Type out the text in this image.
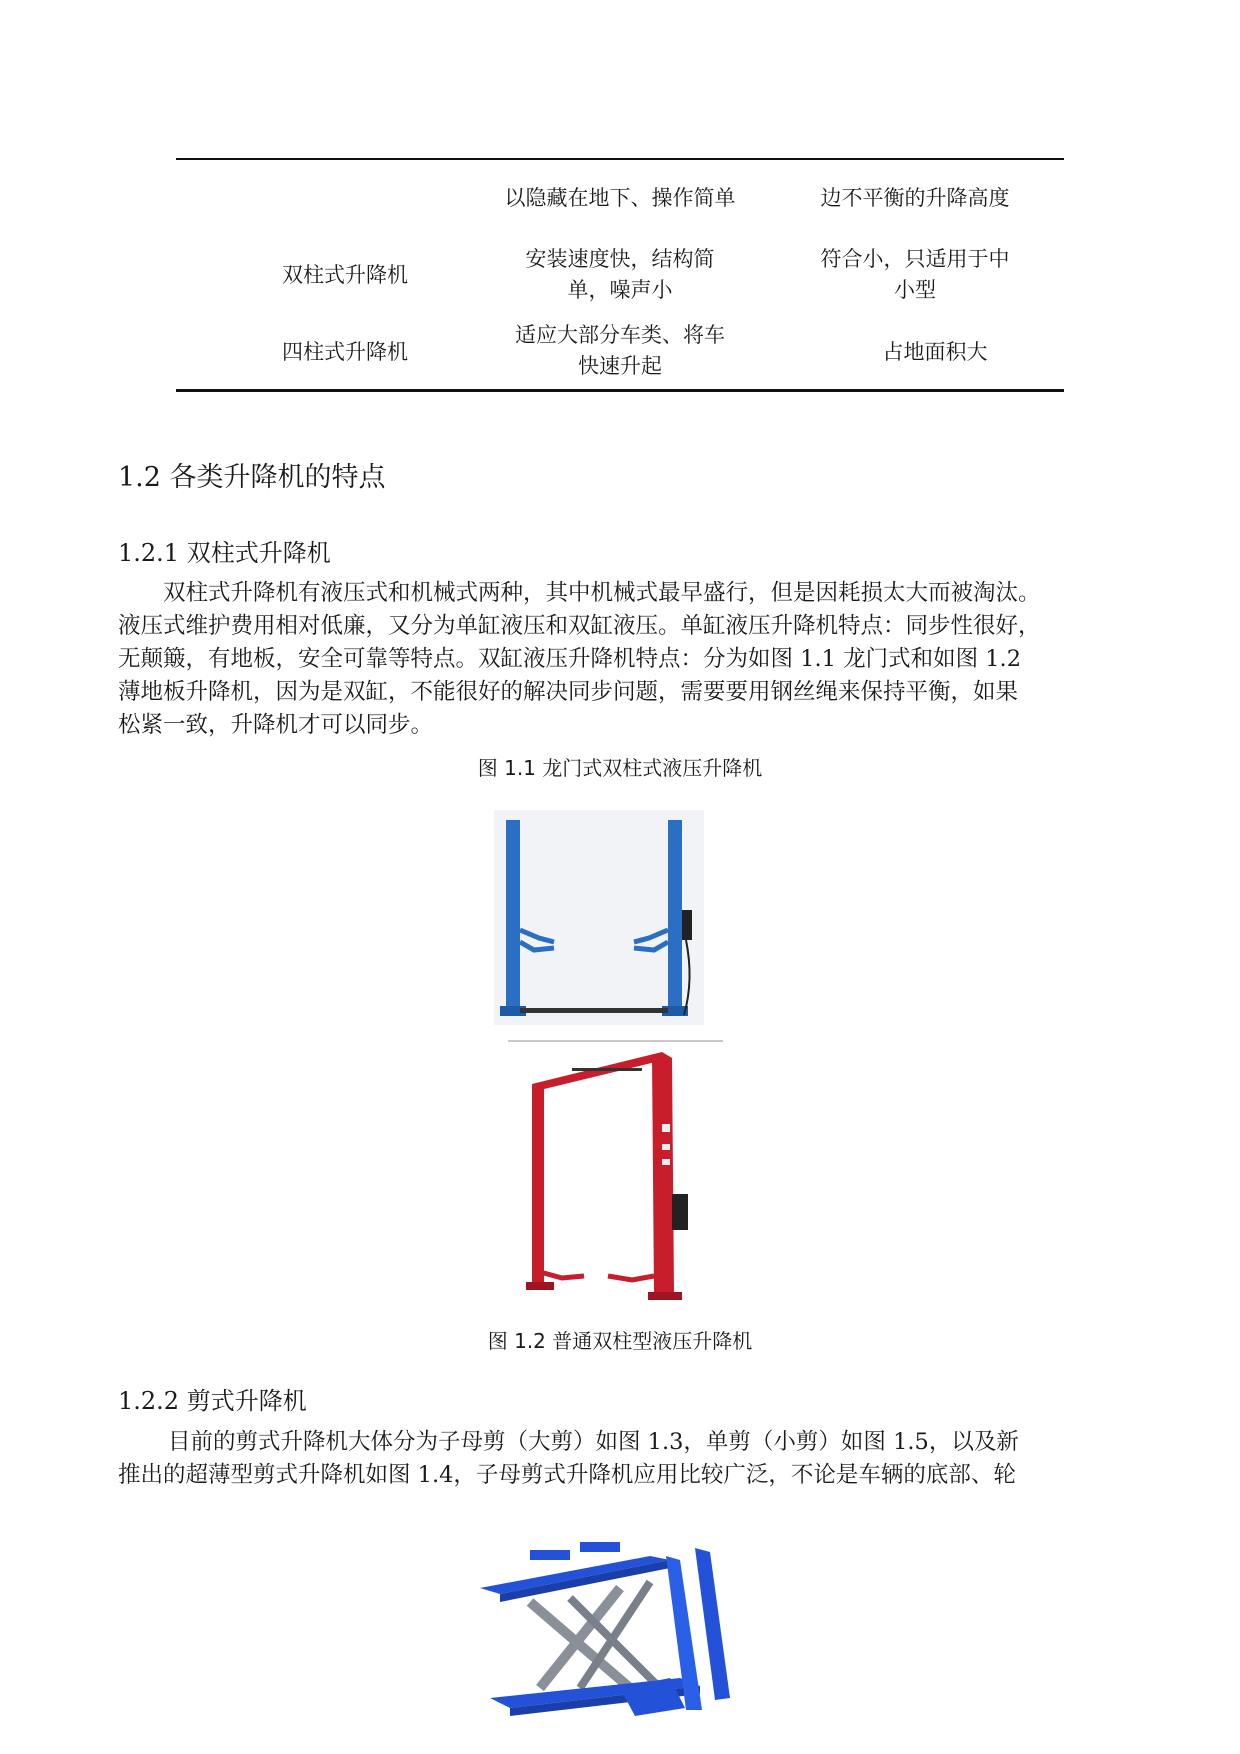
以隐藏在地下、操作简单	边不平衡的升降高度
双柱式升降机
安装速度快，结构简
单，噪声小
符合小，只适用于中
小型
四柱式升降机
适应大部分车类、将车
快速升起
占地面积大
1.2 各类升降机的特点
1.2.1 双柱式升降机
双柱式升降机有液压式和机械式两种，其中机械式最早盛行，但是因耗损太大而被淘汰。
液压式维护费用相对低廉，又分为单缸液压和双缸液压。单缸液压升降机特点：同步性很好，
无颠簸，有地板，安全可靠等特点。双缸液压升降机特点：分为如图 1.1 龙门式和如图 1.2
薄地板升降机，因为是双缸，不能很好的解决同步问题，需要要用钢丝绳来保持平衡，如果
松紧一致，升降机才可以同步。
图 1.1 龙门式双柱式液压升降机
图 1.2 普通双柱型液压升降机
1.2.2 剪式升降机
目前的剪式升降机大体分为子母剪（大剪）如图 1.3，单剪（小剪）如图 1.5，以及新
推出的超薄型剪式升降机如图 1.4，子母剪式升降机应用比较广泛，不论是车辆的底部、轮
